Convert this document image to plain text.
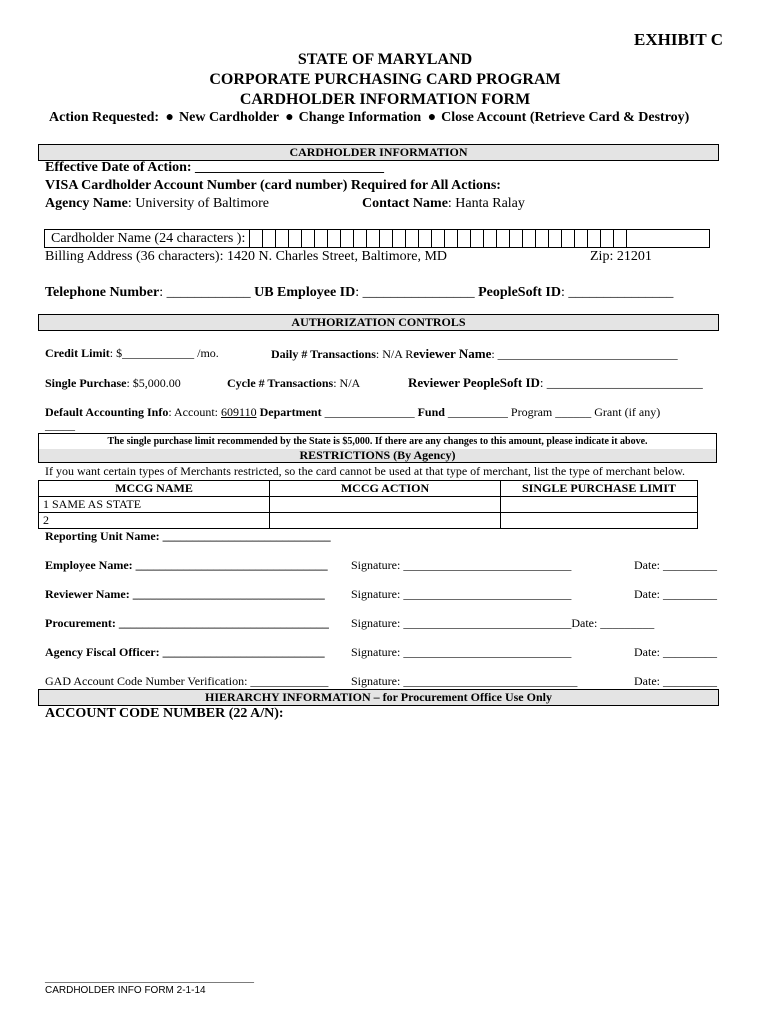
EXHIBIT C
STATE OF MARYLAND
CORPORATE PURCHASING CARD PROGRAM
CARDHOLDER INFORMATION FORM
Action Requested: ● New Cardholder ● Change Information ● Close Account (Retrieve Card & Destroy)
CARDHOLDER INFORMATION
Effective Date of Action: ___________________________
VISA Cardholder Account Number (card number) Required for All Actions:
Agency Name: University of Baltimore	Contact Name: Hanta Ralay
Cardholder Name (24 characters ):
Billing Address (36 characters): 1420 N. Charles Street, Baltimore, MD	Zip: 21201
Telephone Number: ____________ UB Employee ID: ________________ PeopleSoft ID: _______________
AUTHORIZATION CONTROLS
Credit Limit: $____________ /mo.	Daily # Transactions: N/A Reviewer Name: ______________________________
Single Purchase: $5,000.00	Cycle # Transactions: N/A	Reviewer PeopleSoft ID: ________________________
Default Accounting Info: Account: 609110 Department _______________ Fund __________ Program ______ Grant (if any)
_____
The single purchase limit recommended by the State is $5,000. If there are any changes to this amount, please indicate it above.
RESTRICTIONS (By Agency)
If you want certain types of Merchants restricted, so the card cannot be used at that type of merchant, list the type of merchant below.
MCCG NAME	MCCG ACTION	SINGLE PURCHASE LIMIT
1 SAME AS STATE		
2		
Reporting Unit Name: ____________________________
Employee Name: ________________________________ Signature: ____________________________	Date: _________
Reviewer Name: ________________________________ Signature: ____________________________	Date: _________
Procurement: ___________________________________ Signature: ____________________________Date: _________
Agency Fiscal Officer: ___________________________ Signature: ____________________________	Date: _________
GAD Account Code Number Verification: _____________ Signature: _____________________________	Date: _________
HIERARCHY INFORMATION – for Procurement Office Use Only
ACCOUNT CODE NUMBER (22 A/N):
______________________________________
CARDHOLDER INFO FORM 2-1-14
